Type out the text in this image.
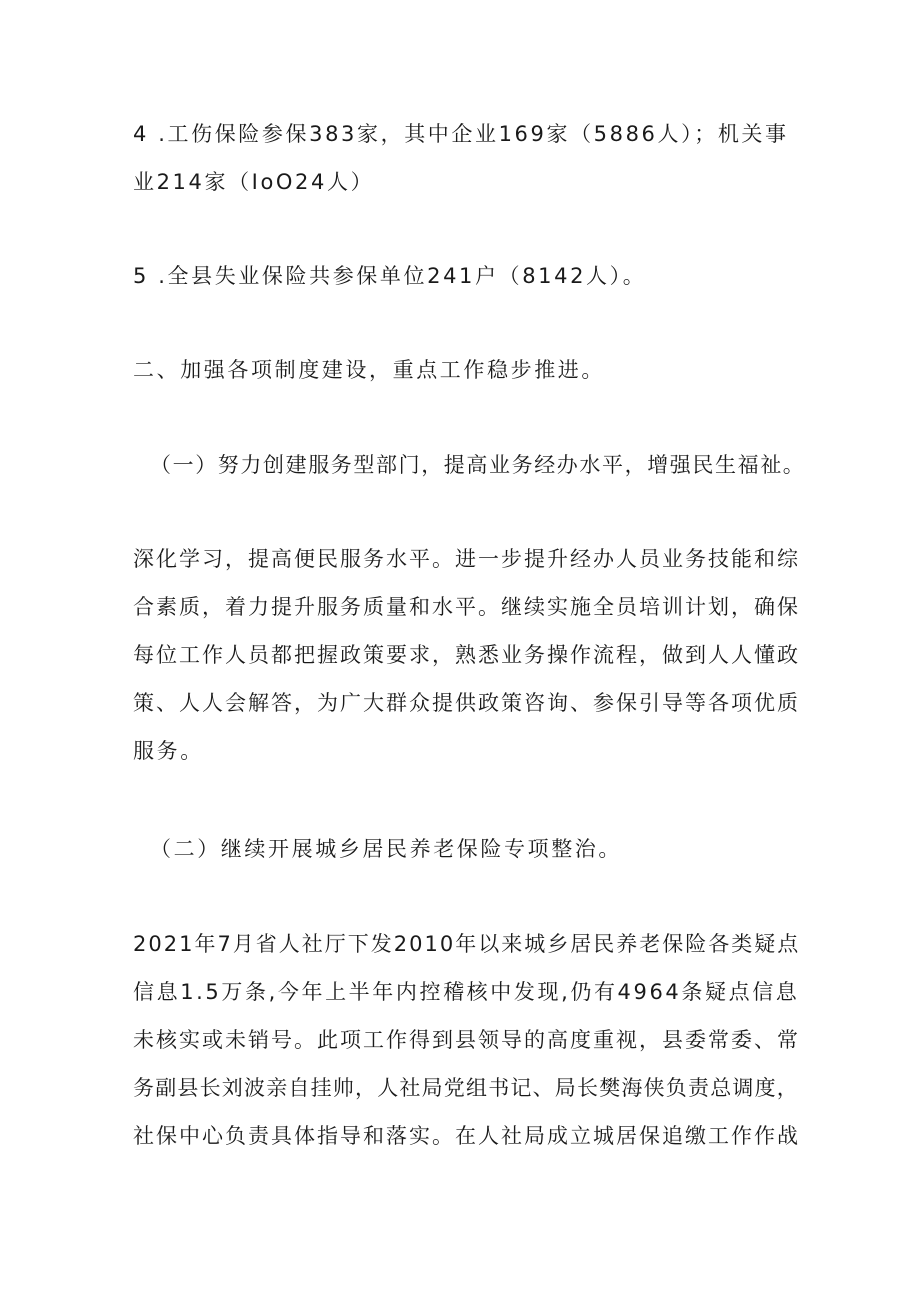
4 .工伤保险参保383家，其中企业169家（5886人）；机关事
业214家（IoO24人）

5 .全县失业保险共参保单位241户（8142人）。

二、加强各项制度建设，重点工作稳步推进。

（一）努力创建服务型部门，提高业务经办水平，增强民生福祉。

深化学习，提高便民服务水平。进一步提升经办人员业务技能和综
合素质，着力提升服务质量和水平。继续实施全员培训计划，确保
每位工作人员都把握政策要求，熟悉业务操作流程，做到人人懂政
策、人人会解答，为广大群众提供政策咨询、参保引导等各项优质
服务。

（二）继续开展城乡居民养老保险专项整治。

2021年7月省人社厅下发2010年以来城乡居民养老保险各类疑点
信息1.5万条,今年上半年内控稽核中发现,仍有4964条疑点信息
未核实或未销号。此项工作得到县领导的高度重视，县委常委、常
务副县长刘波亲自挂帅，人社局党组书记、局长樊海侠负责总调度，
社保中心负责具体指导和落实。在人社局成立城居保追缴工作作战
